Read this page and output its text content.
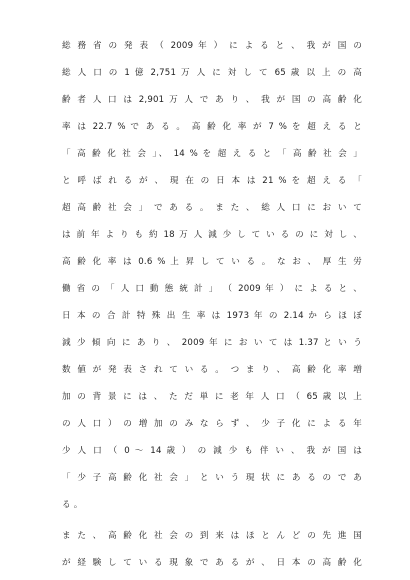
総 務 省 の 発 表 （ 2009 年 ） に よ る と 、 我 が 国 の
総 人 口 の 1 億 2,751 万 人 に 対 し て 65 歳 以 上 の 高
齢 者 人 口 は 2,901 万 人 で あ り 、 我 が 国 の 高 齢 化
率 は 22.7 % で あ る 。 高 齢 化 率 が 7 % を 超 え る と
「 高 齢 化 社 会 」、 14 % を 超 え る と 「 高 齢 社 会 」
と 呼 ば れ る が 、 現 在 の 日 本 は 21 % を 超 え る 「
超 高 齢 社 会 」 で あ る 。 ま た 、 総 人 口 に お い て
は 前 年 よ り も 約 18 万 人 減 少 し て い る の に 対 し 、
高 齢 化 率 は 0.6 % 上 昇 し て い る 。 な お 、 厚 生 労
働 省 の 「 人 口 動 態 統 計 」 （ 2009 年 ） に よ る と 、
日 本 の 合 計 特 殊 出 生 率 は 1973 年 の 2.14 か ら ほ ぼ
減 少 傾 向 に あ り 、 2009 年 に お い て は 1.37 と い う
数 値 が 発 表 さ れ て い る 。 つ ま り 、 高 齢 化 率 増
加 の 背 景 に は 、 た だ 単 に 老 年 人 口 （ 65 歳 以 上
の 人 口 ） の 増 加 の み な ら ず 、 少 子 化 に よ る 年
少 人 口 （ 0 〜 14 歳 ） の 減 少 も 伴 い 、 我 が 国 は
「 少 子 高 齢 化 社 会 」 と い う 現 状 に あ る の で あ
る 。
ま た 、 高 齢 化 社 会 の 到 来 は ほ と ん ど の 先 進 国
が 経 験 し て い る 現 象 で あ る が 、 日 本 の 高 齢 化
